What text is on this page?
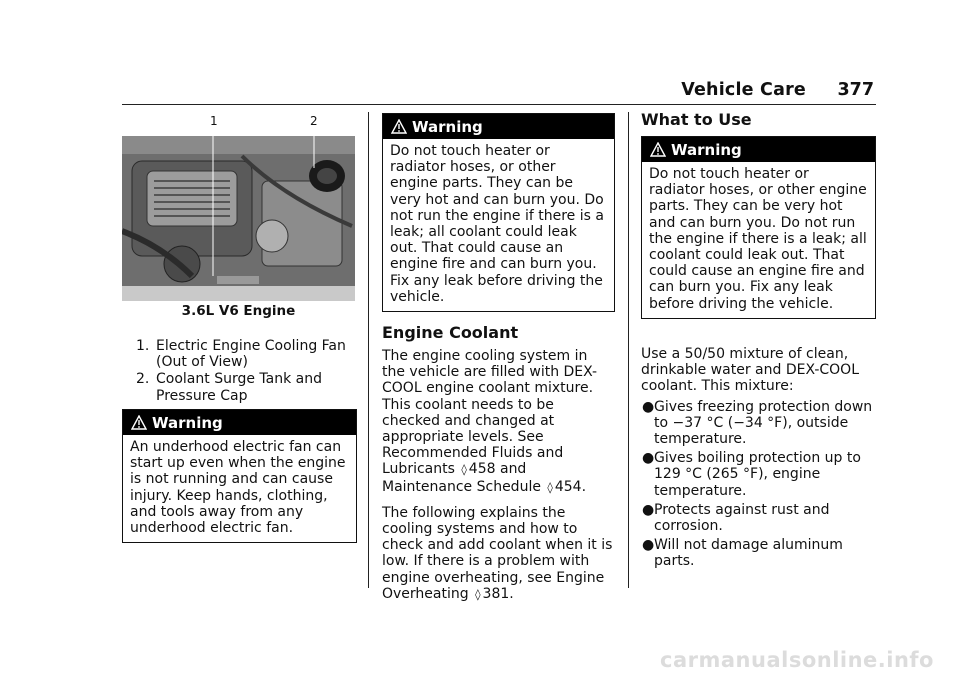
Vehicle Care 377
1	2
3.6L V6 Engine
1. Electric Engine Cooling Fan (Out of View)
2. Coolant Surge Tank and Pressure Cap
Warning
An underhood electric fan can start up even when the engine is not running and can cause injury. Keep hands, clothing, and tools away from any underhood electric fan.
Warning
Do not touch heater or radiator hoses, or other engine parts. They can be very hot and can burn you. Do not run the engine if there is a leak; all coolant could leak out. That could cause an engine fire and can burn you. Fix any leak before driving the vehicle.
Engine Coolant

The engine cooling system in the vehicle are filled with DEX-COOL engine coolant mixture. This coolant needs to be checked and changed at appropriate levels. See Recommended Fluids and Lubricants ◊ 458 and Maintenance Schedule ◊ 454.

The following explains the cooling systems and how to check and add coolant when it is low. If there is a problem with engine overheating, see Engine Overheating ◊ 381.

What to Use
Warning
Do not touch heater or radiator hoses, or other engine parts. They can be very hot and can burn you. Do not run the engine if there is a leak; all coolant could leak out. That could cause an engine fire and can burn you. Fix any leak before driving the vehicle.

Use a 50/50 mixture of clean, drinkable water and DEX-COOL coolant. This mixture:

● Gives freezing protection down to −37 °C (−34 °F), outside temperature.
● Gives boiling protection up to 129 °C (265 °F), engine temperature.
● Protects against rust and corrosion.
● Will not damage aluminum parts.
carmanualsonline.info
